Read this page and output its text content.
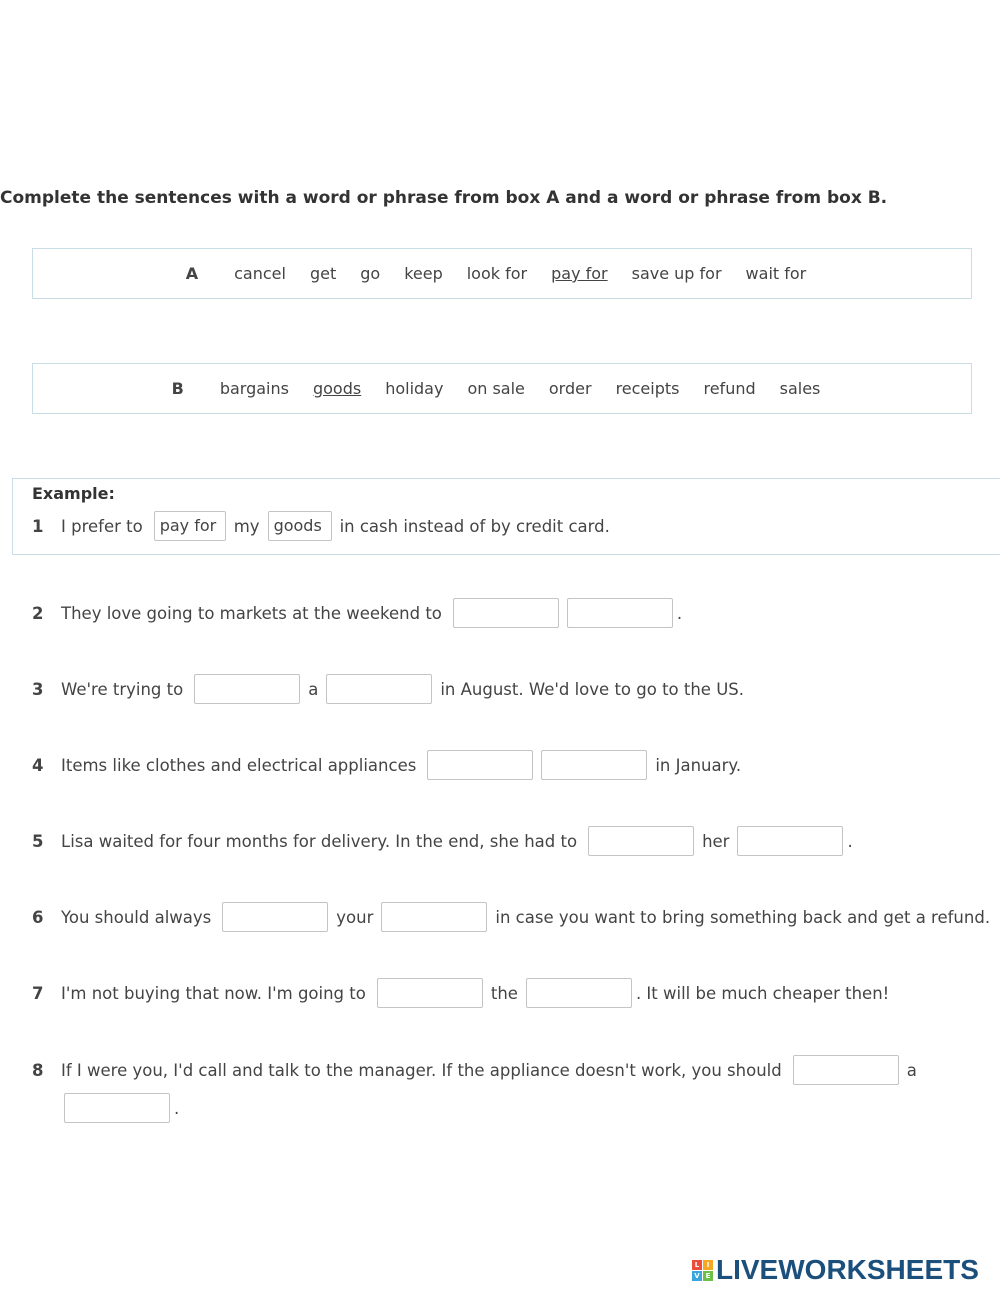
Complete the sentences with a word or phrase from box A and a word or phrase from box B.
A cancel get go keep look for pay for save up for wait for
B bargains goods holiday on sale order receipts refund sales
Example:
1	I prefer to	pay for	my goods	in cash instead of by credit card.
2	They love going to markets at the weekend to	.
3	We're trying to	a	in August. We'd love to go to the US.
4	Items like clothes and electrical appliances	in January.
5	Lisa waited for four months for delivery. In the end, she had to	her	.
6	You should always	your	in case you want to bring something back and get a refund.
7	I'm not buying that now. I'm going to	the	. It will be much cheaper then!
8	If I were you, I'd call and talk to the manager. If the appliance doesn't work, you should	a
.
L	I
V E LIVEWORKSHEETS
